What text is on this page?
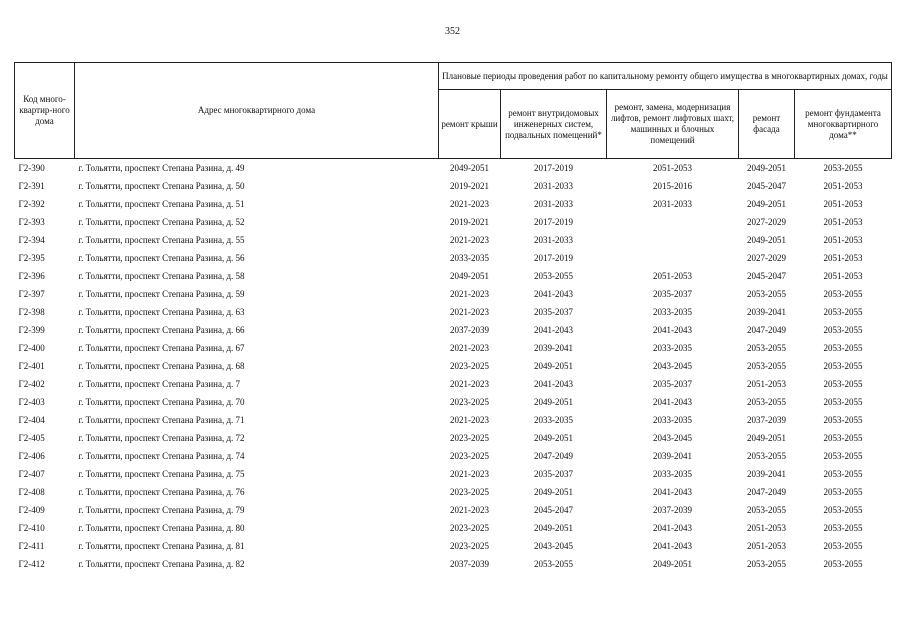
352
Код много-квартир-ного дома	Адрес многоквартирного дома	Плановые периоды проведения работ по капитальному ремонту общего имущества в многоквартирных домах, годы				
		ремонт крыши	ремонт внутридомовых инженерных систем, подвальных помещений*	ремонт, замена, модернизация лифтов, ремонт лифтовых шахт, машинных и блочных помещений	ремонт фасада	ремонт фундамента многоквартирного дома**
Г2-390	г. Тольятти, проспект Степана Разина, д. 49	2049-2051	2017-2019	2051-2053	2049-2051	2053-2055
Г2-391	г. Тольятти, проспект Степана Разина, д. 50	2019-2021	2031-2033	2015-2016	2045-2047	2051-2053
Г2-392	г. Тольятти, проспект Степана Разина, д. 51	2021-2023	2031-2033	2031-2033	2049-2051	2051-2053
Г2-393	г. Тольятти, проспект Степана Разина, д. 52	2019-2021	2017-2019		2027-2029	2051-2053
Г2-394	г. Тольятти, проспект Степана Разина, д. 55	2021-2023	2031-2033		2049-2051	2051-2053
Г2-395	г. Тольятти, проспект Степана Разина, д. 56	2033-2035	2017-2019		2027-2029	2051-2053
Г2-396	г. Тольятти, проспект Степана Разина, д. 58	2049-2051	2053-2055	2051-2053	2045-2047	2051-2053
Г2-397	г. Тольятти, проспект Степана Разина, д. 59	2021-2023	2041-2043	2035-2037	2053-2055	2053-2055
Г2-398	г. Тольятти, проспект Степана Разина, д. 63	2021-2023	2035-2037	2033-2035	2039-2041	2053-2055
Г2-399	г. Тольятти, проспект Степана Разина, д. 66	2037-2039	2041-2043	2041-2043	2047-2049	2053-2055
Г2-400	г. Тольятти, проспект Степана Разина, д. 67	2021-2023	2039-2041	2033-2035	2053-2055	2053-2055
Г2-401	г. Тольятти, проспект Степана Разина, д. 68	2023-2025	2049-2051	2043-2045	2053-2055	2053-2055
Г2-402	г. Тольятти, проспект Степана Разина, д. 7	2021-2023	2041-2043	2035-2037	2051-2053	2053-2055
Г2-403	г. Тольятти, проспект Степана Разина, д. 70	2023-2025	2049-2051	2041-2043	2053-2055	2053-2055
Г2-404	г. Тольятти, проспект Степана Разина, д. 71	2021-2023	2033-2035	2033-2035	2037-2039	2053-2055
Г2-405	г. Тольятти, проспект Степана Разина, д. 72	2023-2025	2049-2051	2043-2045	2049-2051	2053-2055
Г2-406	г. Тольятти, проспект Степана Разина, д. 74	2023-2025	2047-2049	2039-2041	2053-2055	2053-2055
Г2-407	г. Тольятти, проспект Степана Разина, д. 75	2021-2023	2035-2037	2033-2035	2039-2041	2053-2055
Г2-408	г. Тольятти, проспект Степана Разина, д. 76	2023-2025	2049-2051	2041-2043	2047-2049	2053-2055
Г2-409	г. Тольятти, проспект Степана Разина, д. 79	2021-2023	2045-2047	2037-2039	2053-2055	2053-2055
Г2-410	г. Тольятти, проспект Степана Разина, д. 80	2023-2025	2049-2051	2041-2043	2051-2053	2053-2055
Г2-411	г. Тольятти, проспект Степана Разина, д. 81	2023-2025	2043-2045	2041-2043	2051-2053	2053-2055
Г2-412	г. Тольятти, проспект Степана Разина, д. 82	2037-2039	2053-2055	2049-2051	2053-2055	2053-2055
